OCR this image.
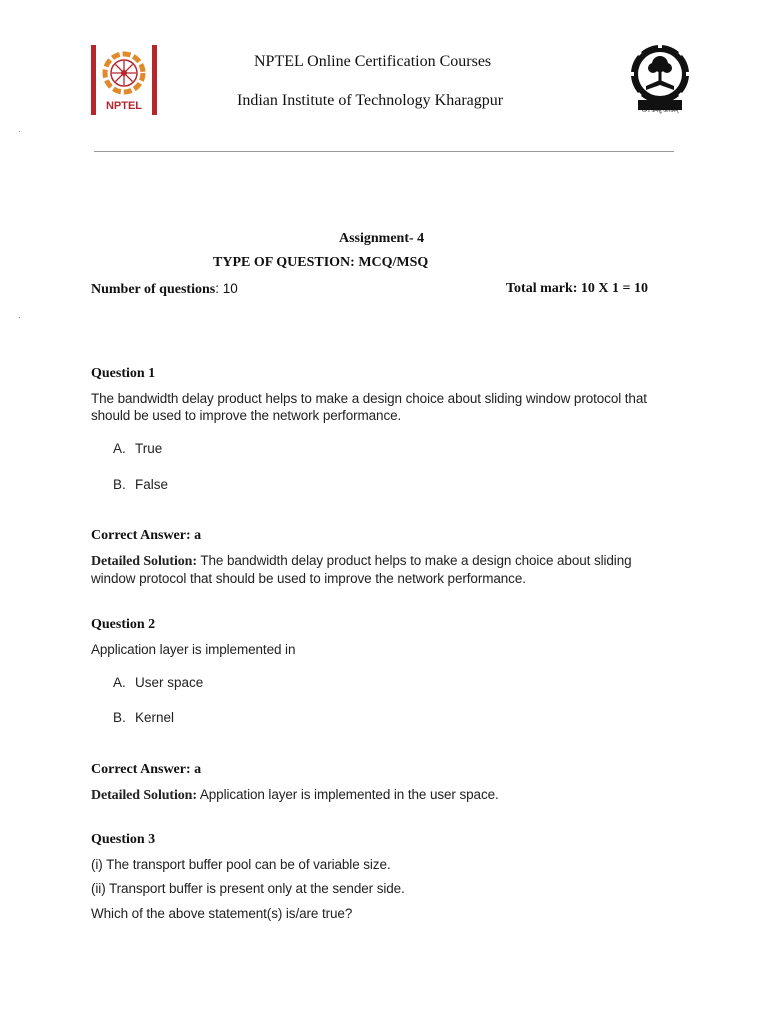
NPTEL
NPTEL Online Certification Courses
Indian Institute of Technology Kharagpur
योगः कर्मसु कौशलम्
Assignment- 4
TYPE OF QUESTION: MCQ/MSQ
Number of questions: 10	Total mark: 10 X 1 = 10
Question 1
The bandwidth delay product helps to make a design choice about sliding window protocol that
should be used to improve the network performance.
A. True
B. False
Correct Answer: a
Detailed Solution: The bandwidth delay product helps to make a design choice about sliding
window protocol that should be used to improve the network performance.
Question 2
Application layer is implemented in
A. User space
B. Kernel
Correct Answer: a
Detailed Solution: Application layer is implemented in the user space.
Question 3
(i) The transport buffer pool can be of variable size.
(ii) Transport buffer is present only at the sender side.
Which of the above statement(s) is/are true?
